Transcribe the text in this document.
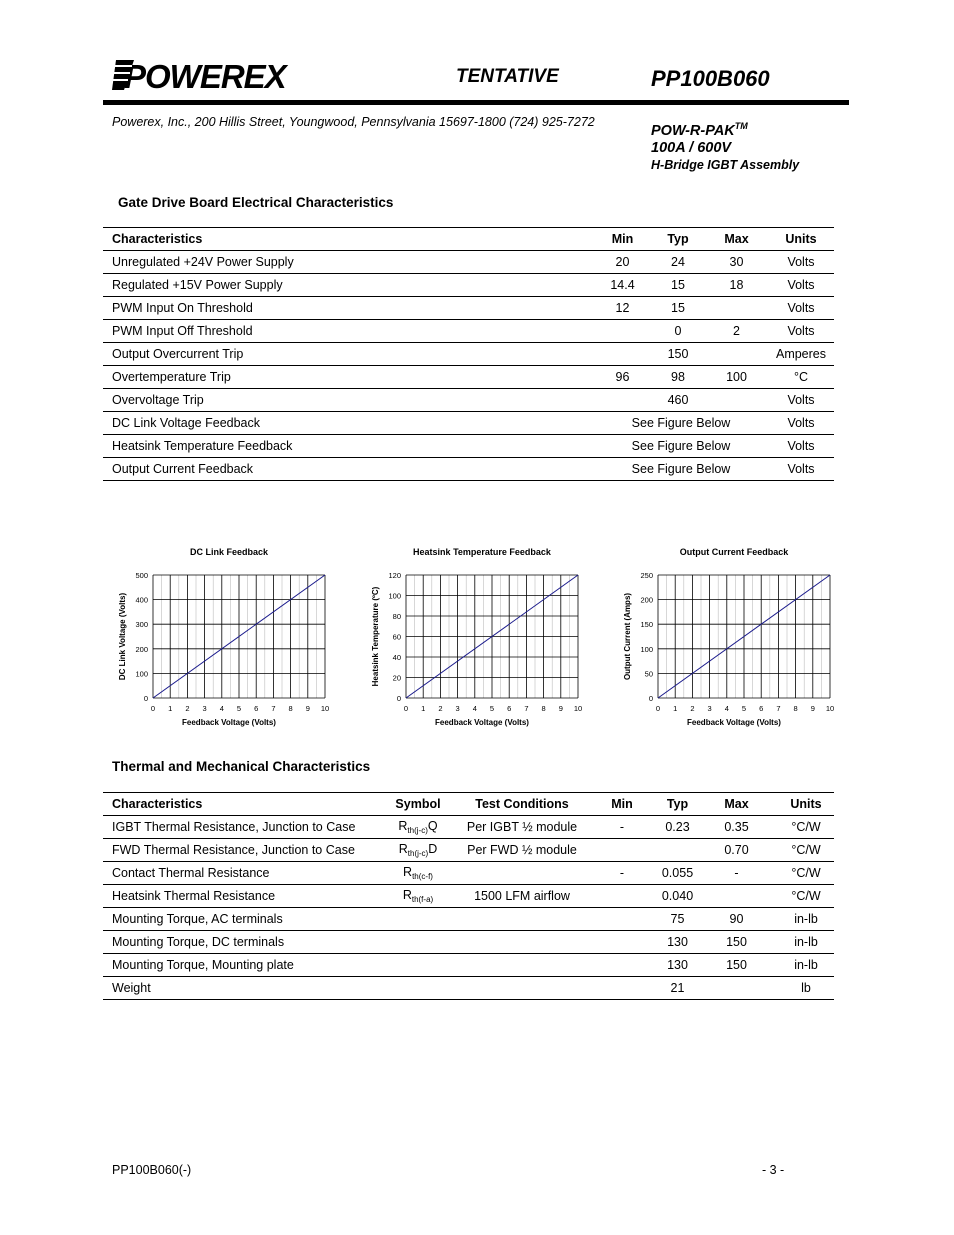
POWEREX	TENTATIVE	PP100B060
Powerex, Inc., 200 Hillis Street, Youngwood, Pennsylvania 15697-1800 (724) 925-7272
POW-R-PAK™
100A / 600V
H-Bridge IGBT Assembly
Gate Drive Board Electrical Characteristics
Characteristics	Min	Typ	Max	Units
Unregulated +24V Power Supply	20	24	30	Volts
Regulated +15V Power Supply	14.4	15	18	Volts
PWM Input On Threshold	12	15		Volts
PWM Input Off Threshold		0	2	Volts
Output Overcurrent Trip		150		Amperes
Overtemperature Trip	96	98	100	°C
Overvoltage Trip		460		Volts
DC Link Voltage Feedback	See Figure Below			Volts
Heatsink Temperature Feedback	See Figure Below			Volts
Output Current Feedback	See Figure Below			Volts
DC Link Feedback
0 1 2 3 4 5 6 7 8 9 10
0
100
200
300
400
500
Feedback Voltage (Volts)
DC Link Voltage (Volts)
Heatsink Temperature Feedback
0 1 2 3 4 5 6 7 8 9 10
0
20
40
60
80
100
120
Feedback Voltage (Volts)
Heatsink Temperature (ºC)
Output Current Feedback
0 1 2 3 4 5 6 7 8 9 10
0
50
100
150
200
250
Feedback Voltage (Volts)
Output Current (Amps)
Thermal and Mechanical Characteristics
Characteristics	Symbol	Test Conditions	Min	Typ	Max	Units
IGBT Thermal Resistance, Junction to Case	$R_{th(j-c)}Q$	Per IGBT ½ module	-	0.23	0.35	°C/W
FWD Thermal Resistance, Junction to Case	$R_{th(j-c)}D$	Per FWD ½ module			0.70	°C/W
Contact Thermal Resistance	$R_{th(c-f)}$		-	0.055	-	°C/W
Heatsink Thermal Resistance	$R_{th(f-a)}$	1500 LFM airflow		0.040		°C/W
Mounting Torque, AC terminals				75	90	in-lb
Mounting Torque, DC terminals				130	150	in-lb
Mounting Torque, Mounting plate				130	150	in-lb
Weight				21		lb
PP100B060(-)	- 3 -
